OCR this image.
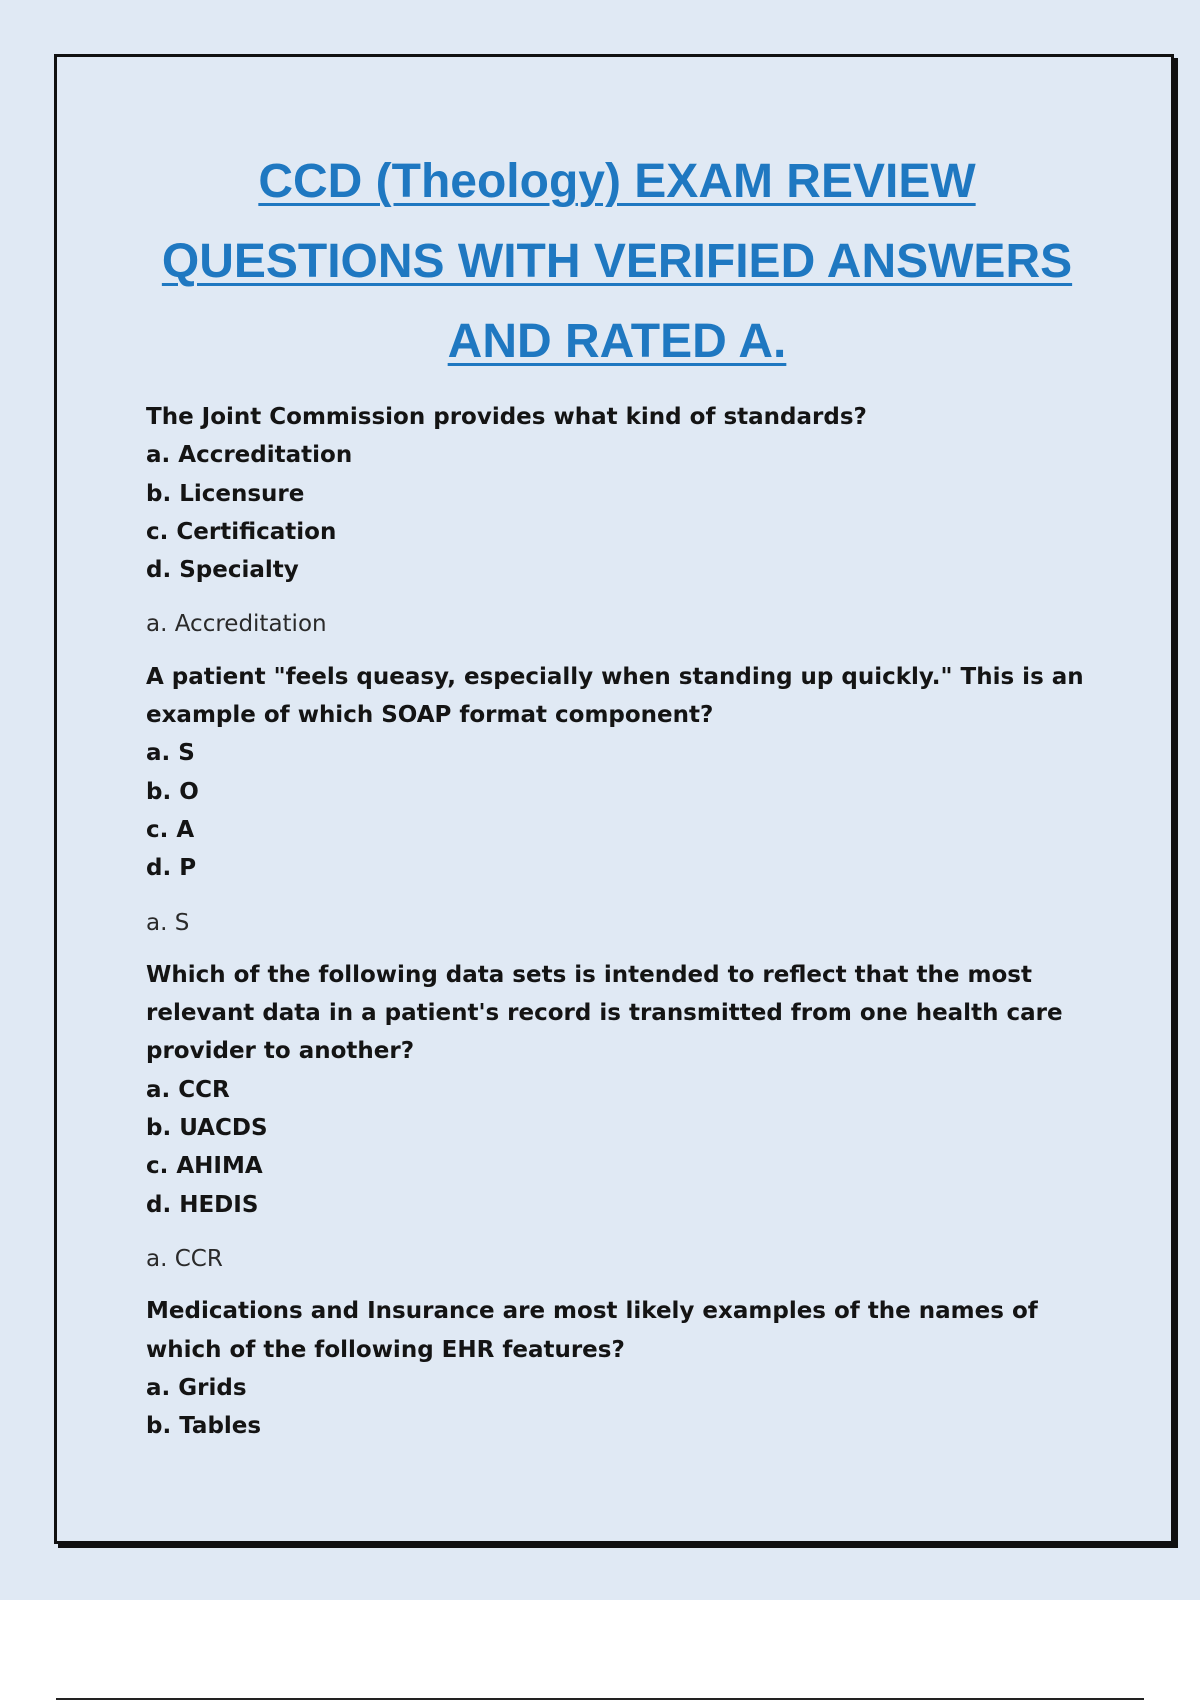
CCD (Theology) EXAM REVIEW
QUESTIONS WITH VERIFIED ANSWERS
AND RATED A.

The Joint Commission provides what kind of standards?

a. Accreditation

b. Licensure

c. Certification

d. Specialty

a. Accreditation

A patient "feels queasy, especially when standing up quickly." This is an example of which SOAP format component?

a. S

b. O

c. A

d. P

a. S

Which of the following data sets is intended to reflect that the most relevant data in a patient's record is transmitted from one health care provider to another?

a. CCR

b. UACDS

c. AHIMA

d. HEDIS

a. CCR

Medications and Insurance are most likely examples of the names of which of the following EHR features?

a. Grids

b. Tables
